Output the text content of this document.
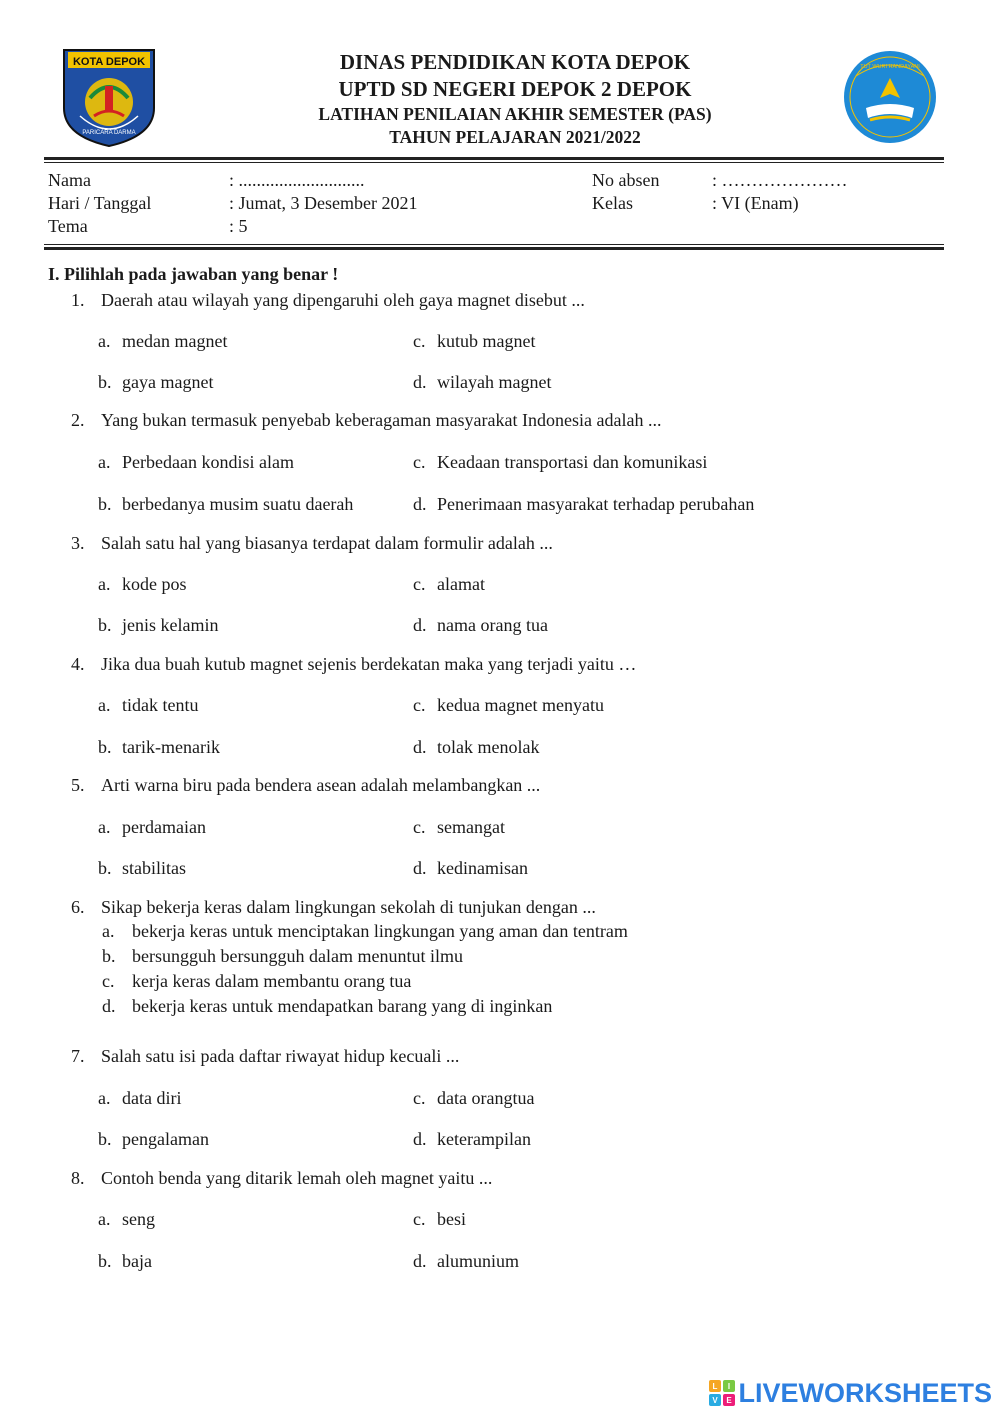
KOTA DEPOK
PARICARA DARMA
TUT WURI HANDAYANI
DINAS PENDIDIKAN KOTA DEPOK
UPTD SD NEGERI DEPOK 2 DEPOK
LATIHAN PENILAIAN AKHIR SEMESTER (PAS)
TAHUN PELAJARAN 2021/2022
Nama	: ............................
Hari / Tanggal	: Jumat, 3 Desember 2021
Tema	: 5
No absen	: …………………
Kelas	: VI (Enam)
I. Pilihlah pada jawaban yang benar !
1. Daerah atau wilayah yang dipengaruhi oleh gaya magnet disebut ...
a. medan magnet
b. gaya magnet
c. kutub magnet
d. wilayah magnet
2. Yang bukan termasuk penyebab keberagaman masyarakat Indonesia adalah ...
a. Perbedaan kondisi alam
b. berbedanya musim suatu daerah
c. Keadaan transportasi dan komunikasi
d. Penerimaan masyarakat terhadap perubahan
3. Salah satu hal yang biasanya terdapat dalam formulir adalah ...
a. kode pos
b. jenis kelamin
c. alamat
d. nama orang tua
4. Jika dua buah kutub magnet sejenis berdekatan maka yang terjadi yaitu …
a. tidak tentu
b. tarik-menarik
c. kedua magnet menyatu
d. tolak menolak
5. Arti warna biru pada bendera asean adalah melambangkan ...
a. perdamaian
b. stabilitas
c. semangat
d. kedinamisan
6. Sikap bekerja keras dalam lingkungan sekolah di tunjukan dengan ...
a. bekerja keras untuk menciptakan lingkungan yang aman dan tentram
b. bersungguh bersungguh dalam menuntut ilmu
c. kerja keras dalam membantu orang tua
d. bekerja keras untuk mendapatkan barang yang di inginkan
7. Salah satu isi pada daftar riwayat hidup kecuali ...
a. data diri
b. pengalaman
c. data orangtua
d. keterampilan
8. Contoh benda yang ditarik lemah oleh magnet yaitu ...
a. seng
b. baja
c. besi
d. alumunium
L I
V E LIVEWORKSHEETS
